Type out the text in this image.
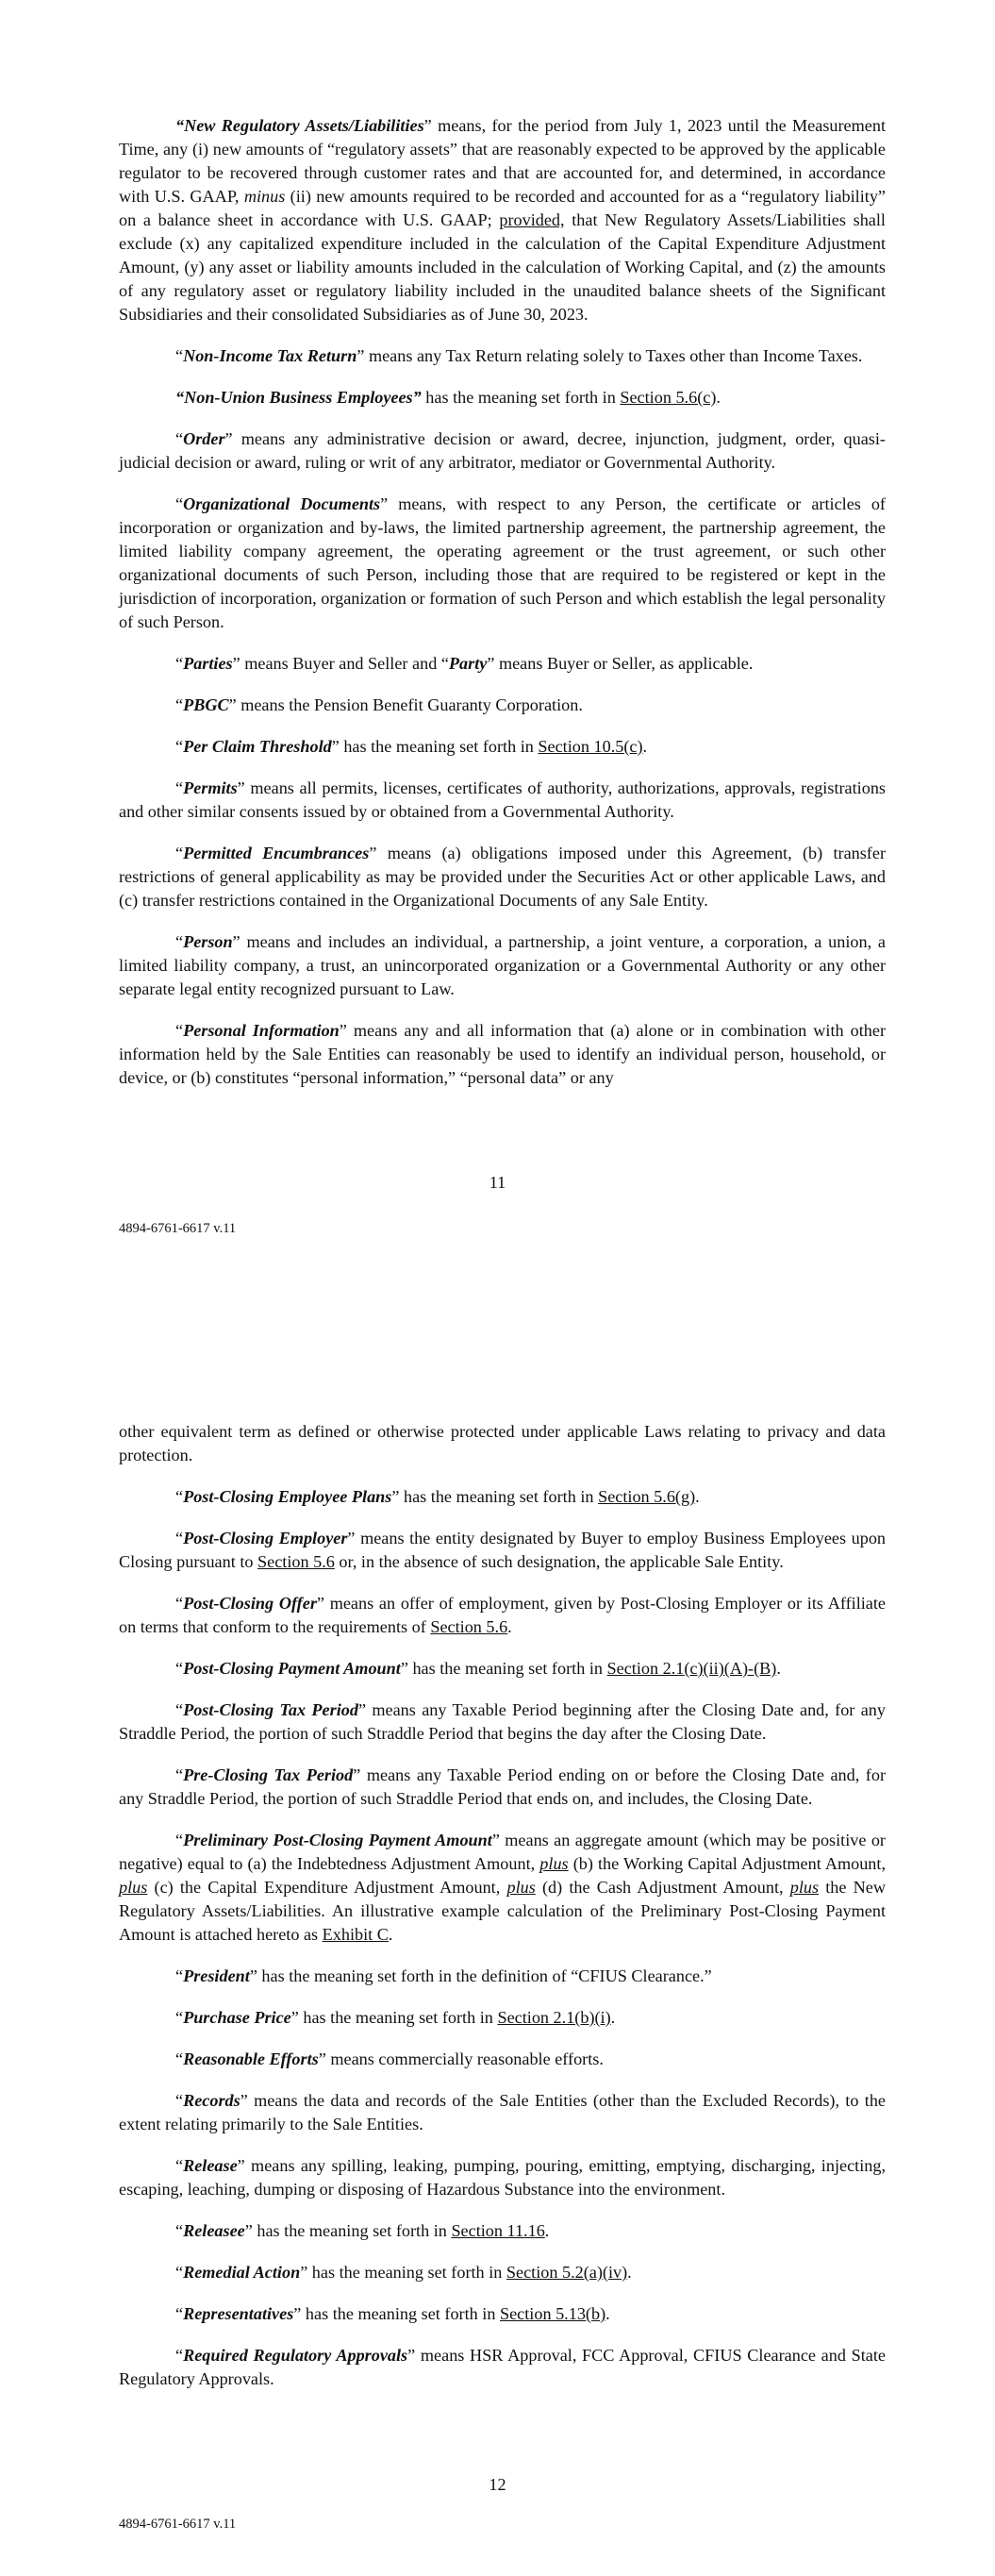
“New Regulatory Assets/Liabilities” means, for the period from July 1, 2023 until the Measurement Time, any (i) new amounts of “regulatory assets” that are reasonably expected to be approved by the applicable regulator to be recovered through customer rates and that are accounted for, and determined, in accordance with U.S. GAAP, minus (ii) new amounts required to be recorded and accounted for as a “regulatory liability” on a balance sheet in accordance with U.S. GAAP; provided, that New Regulatory Assets/Liabilities shall exclude (x) any capitalized expenditure included in the calculation of the Capital Expenditure Adjustment Amount, (y) any asset or liability amounts included in the calculation of Working Capital, and (z) the amounts of any regulatory asset or regulatory liability included in the unaudited balance sheets of the Significant Subsidiaries and their consolidated Subsidiaries as of June 30, 2023.

“Non-Income Tax Return” means any Tax Return relating solely to Taxes other than Income Taxes.

“Non-Union Business Employees” has the meaning set forth in Section 5.6(c).

“Order” means any administrative decision or award, decree, injunction, judgment, order, quasi-judicial decision or award, ruling or writ of any arbitrator, mediator or Governmental Authority.

“Organizational Documents” means, with respect to any Person, the certificate or articles of incorporation or organization and by-laws, the limited partnership agreement, the partnership agreement, the limited liability company agreement, the operating agreement or the trust agreement, or such other organizational documents of such Person, including those that are required to be registered or kept in the jurisdiction of incorporation, organization or formation of such Person and which establish the legal personality of such Person.

“Parties” means Buyer and Seller and “Party” means Buyer or Seller, as applicable.

“PBGC” means the Pension Benefit Guaranty Corporation.

“Per Claim Threshold” has the meaning set forth in Section 10.5(c).

“Permits” means all permits, licenses, certificates of authority, authorizations, approvals, registrations and other similar consents issued by or obtained from a Governmental Authority.

“Permitted Encumbrances” means (a) obligations imposed under this Agreement, (b) transfer restrictions of general applicability as may be provided under the Securities Act or other applicable Laws, and (c) transfer restrictions contained in the Organizational Documents of any Sale Entity.

“Person” means and includes an individual, a partnership, a joint venture, a corporation, a union, a limited liability company, a trust, an unincorporated organization or a Governmental Authority or any other separate legal entity recognized pursuant to Law.

“Personal Information” means any and all information that (a) alone or in combination with other information held by the Sale Entities can reasonably be used to identify an individual person, household, or device, or (b) constitutes “personal information,” “personal data” or any

11
4894-6761-6617 v.11

other equivalent term as defined or otherwise protected under applicable Laws relating to privacy and data protection.

“Post-Closing Employee Plans” has the meaning set forth in Section 5.6(g).

“Post-Closing Employer” means the entity designated by Buyer to employ Business Employees upon Closing pursuant to Section 5.6 or, in the absence of such designation, the applicable Sale Entity.

“Post-Closing Offer” means an offer of employment, given by Post-Closing Employer or its Affiliate on terms that conform to the requirements of Section 5.6.

“Post-Closing Payment Amount” has the meaning set forth in Section 2.1(c)(ii)(A)-(B).

“Post-Closing Tax Period” means any Taxable Period beginning after the Closing Date and, for any Straddle Period, the portion of such Straddle Period that begins the day after the Closing Date.

“Pre-Closing Tax Period” means any Taxable Period ending on or before the Closing Date and, for any Straddle Period, the portion of such Straddle Period that ends on, and includes, the Closing Date.

“Preliminary Post-Closing Payment Amount” means an aggregate amount (which may be positive or negative) equal to (a) the Indebtedness Adjustment Amount, plus (b) the Working Capital Adjustment Amount, plus (c) the Capital Expenditure Adjustment Amount, plus (d) the Cash Adjustment Amount, plus the New Regulatory Assets/Liabilities. An illustrative example calculation of the Preliminary Post-Closing Payment Amount is attached hereto as Exhibit C.

“President” has the meaning set forth in the definition of “CFIUS Clearance.”

“Purchase Price” has the meaning set forth in Section 2.1(b)(i).

“Reasonable Efforts” means commercially reasonable efforts.

“Records” means the data and records of the Sale Entities (other than the Excluded Records), to the extent relating primarily to the Sale Entities.

“Release” means any spilling, leaking, pumping, pouring, emitting, emptying, discharging, injecting, escaping, leaching, dumping or disposing of Hazardous Substance into the environment.

“Releasee” has the meaning set forth in Section 11.16.

“Remedial Action” has the meaning set forth in Section 5.2(a)(iv).

“Representatives” has the meaning set forth in Section 5.13(b).

“Required Regulatory Approvals” means HSR Approval, FCC Approval, CFIUS Clearance and State Regulatory Approvals.

12
4894-6761-6617 v.11
